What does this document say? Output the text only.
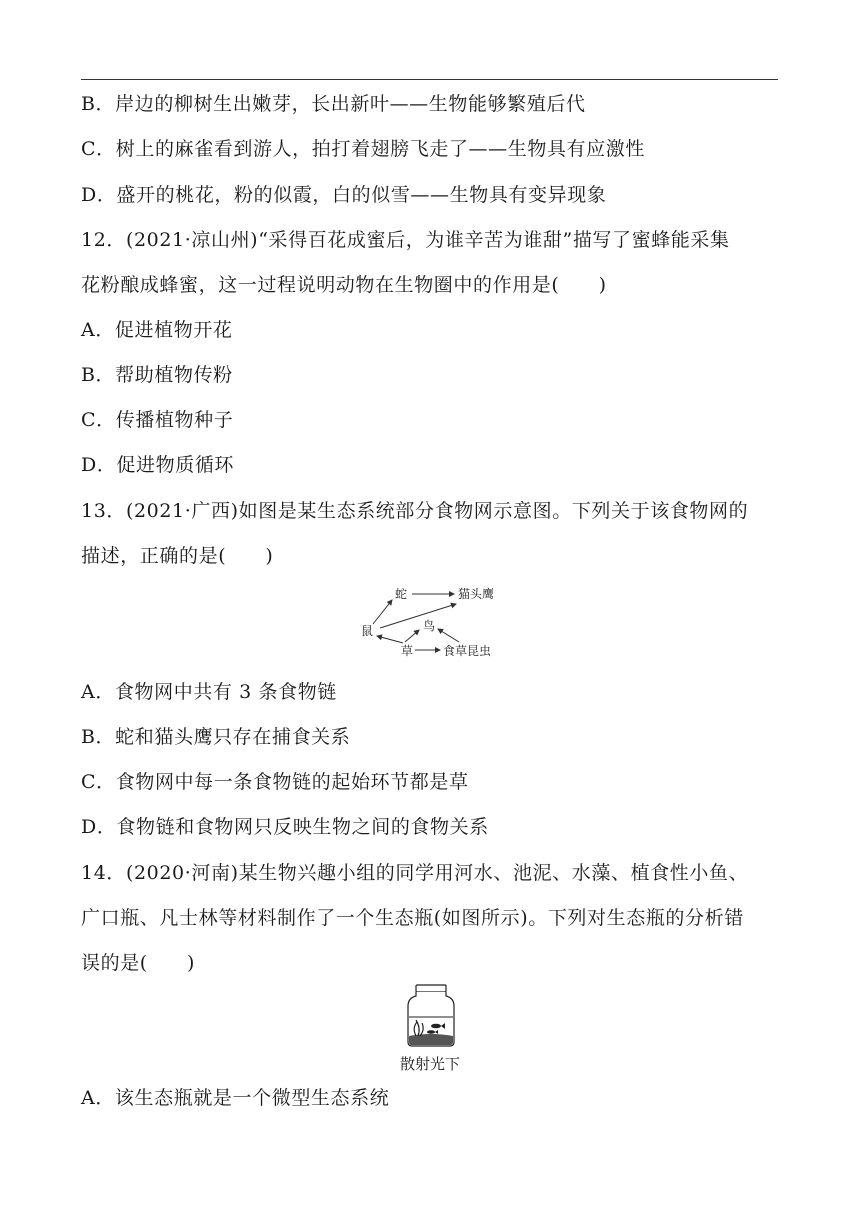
B．岸边的柳树生出嫩芽，长出新叶——生物能够繁殖后代
C．树上的麻雀看到游人，拍打着翅膀飞走了——生物具有应激性
D．盛开的桃花，粉的似霞，白的似雪——生物具有变异现象
12．(2021·凉山州)“采得百花成蜜后，为谁辛苦为谁甜”描写了蜜蜂能采集
花粉酿成蜂蜜，这一过程说明动物在生物圈中的作用是(　　)
A．促进植物开花
B．帮助植物传粉
C．传播植物种子
D．促进物质循环
13．(2021·广西)如图是某生态系统部分食物网示意图。下列关于该食物网的
描述，正确的是(　　)
蛇	猫头鹰
鼠	鸟
草 食草昆虫
A．食物网中共有 3 条食物链
B．蛇和猫头鹰只存在捕食关系
C．食物网中每一条食物链的起始环节都是草
D．食物链和食物网只反映生物之间的食物关系
14．(2020·河南)某生物兴趣小组的同学用河水、池泥、水藻、植食性小鱼、
广口瓶、凡士林等材料制作了一个生态瓶(如图所示)。下列对生态瓶的分析错
误的是(　　)
散射光下
A．该生态瓶就是一个微型生态系统
